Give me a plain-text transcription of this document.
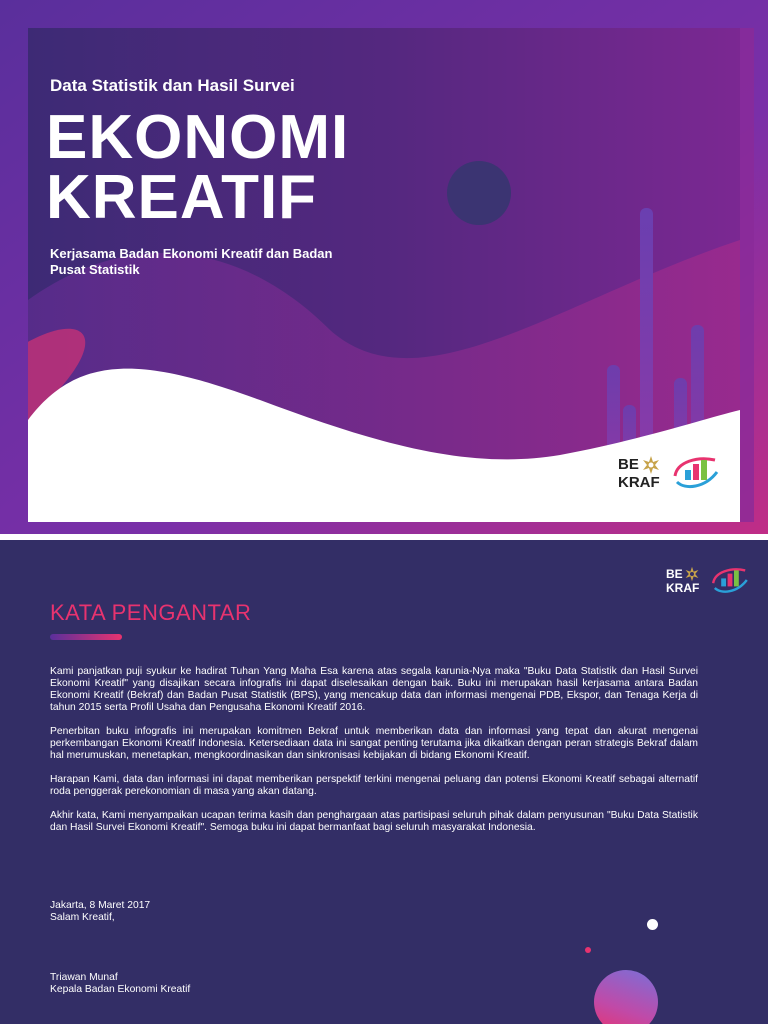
Data Statistik dan Hasil Survei
EKONOMI
KREATIF
Kerjasama Badan Ekonomi Kreatif dan Badan Pusat Statistik
BE
KRAF
BE
KRAF
KATA PENGANTAR

Kami panjatkan puji syukur ke hadirat Tuhan Yang Maha Esa karena atas segala karunia-Nya maka "Buku Data Statistik dan Hasil Survei Ekonomi Kreatif" yang disajikan secara infografis ini dapat diselesaikan dengan baik. Buku ini merupakan hasil kerjasama antara Badan Ekonomi Kreatif (Bekraf) dan Badan Pusat Statistik (BPS), yang mencakup data dan informasi mengenai PDB, Ekspor, dan Tenaga Kerja di tahun 2015 serta Profil Usaha dan Pengusaha Ekonomi Kreatif 2016.

Penerbitan buku infografis ini merupakan komitmen Bekraf untuk memberikan data dan informasi yang tepat dan akurat mengenai perkembangan Ekonomi Kreatif Indonesia. Ketersediaan data ini sangat penting terutama jika dikaitkan dengan peran strategis Bekraf dalam hal merumuskan, menetapkan, mengkoordinasikan dan sinkronisasi kebijakan di bidang Ekonomi Kreatif.

Harapan Kami, data dan informasi ini dapat memberikan perspektif terkini mengenai peluang dan potensi Ekonomi Kreatif sebagai alternatif roda penggerak perekonomian di masa yang akan datang.

Akhir kata, Kami menyampaikan ucapan terima kasih dan penghargaan atas partisipasi seluruh pihak dalam penyusunan "Buku Data Statistik dan Hasil Survei Ekonomi Kreatif". Semoga buku ini dapat bermanfaat bagi seluruh masyarakat Indonesia.

Jakarta, 8 Maret 2017
Salam Kreatif,
Triawan Munaf
Kepala Badan Ekonomi Kreatif
